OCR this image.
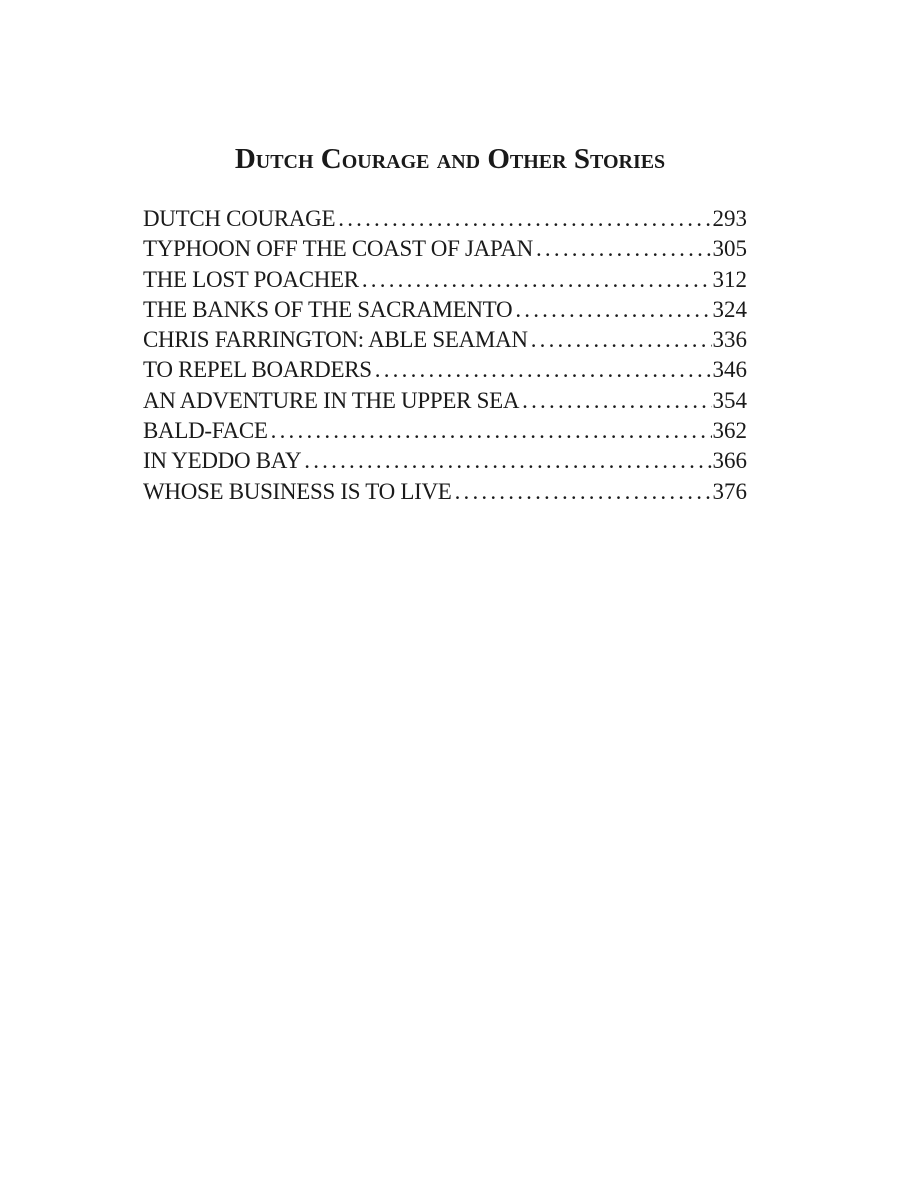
Dutch Courage and Other Stories
DUTCH COURAGE .....	293
TYPHOON OFF THE COAST OF JAPAN .....	305
THE LOST POACHER .....	312
THE BANKS OF THE SACRAMENTO .....	324
CHRIS FARRINGTON: ABLE SEAMAN .....	336
TO REPEL BOARDERS .....	346
AN ADVENTURE IN THE UPPER SEA .....	354
BALD-FACE .....	362
IN YEDDO BAY .....	366
WHOSE BUSINESS IS TO LIVE .....	376
